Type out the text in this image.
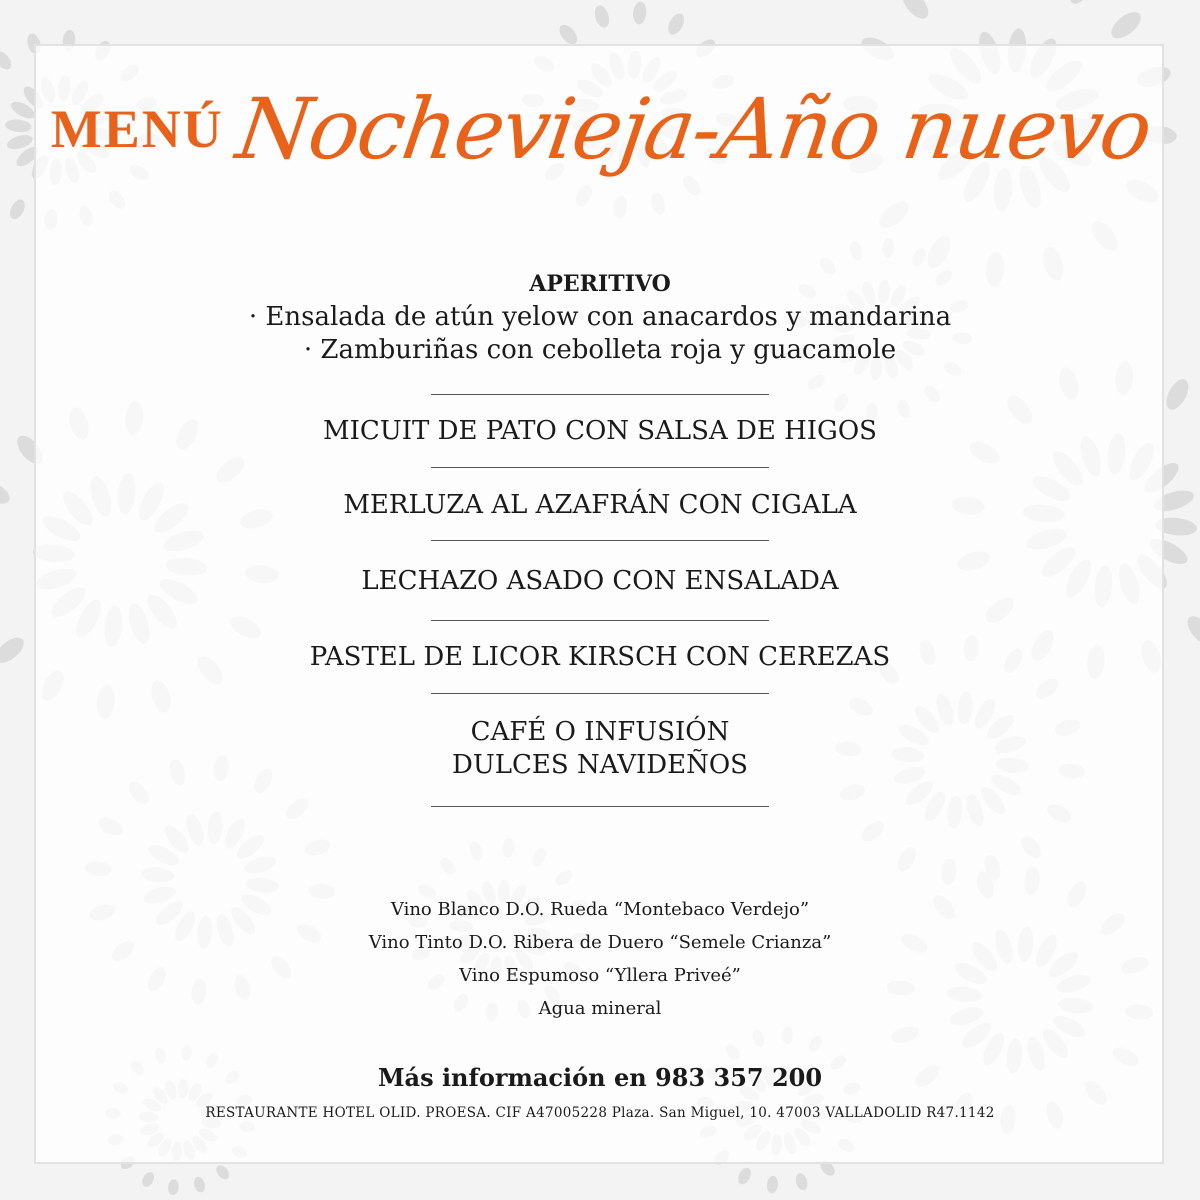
MENÚNochevieja-Año nuevo
APERITIVO
· Ensalada de atún yelow con anacardos y mandarina
· Zamburiñas con cebolleta roja y guacamole
MICUIT DE PATO CON SALSA DE HIGOS
MERLUZA AL AZAFRÁN CON CIGALA
LECHAZO ASADO CON ENSALADA
PASTEL DE LICOR KIRSCH CON CEREZAS
CAFÉ O INFUSIÓN
DULCES NAVIDEÑOS
Vino Blanco D.O. Rueda “Montebaco Verdejo”
Vino Tinto D.O. Ribera de Duero “Semele Crianza”
Vino Espumoso “Yllera Priveé”
Agua mineral
Más información en 983 357 200
RESTAURANTE HOTEL OLID. PROESA. CIF A47005228 Plaza. San Miguel, 10. 47003 VALLADOLID R47.1142
